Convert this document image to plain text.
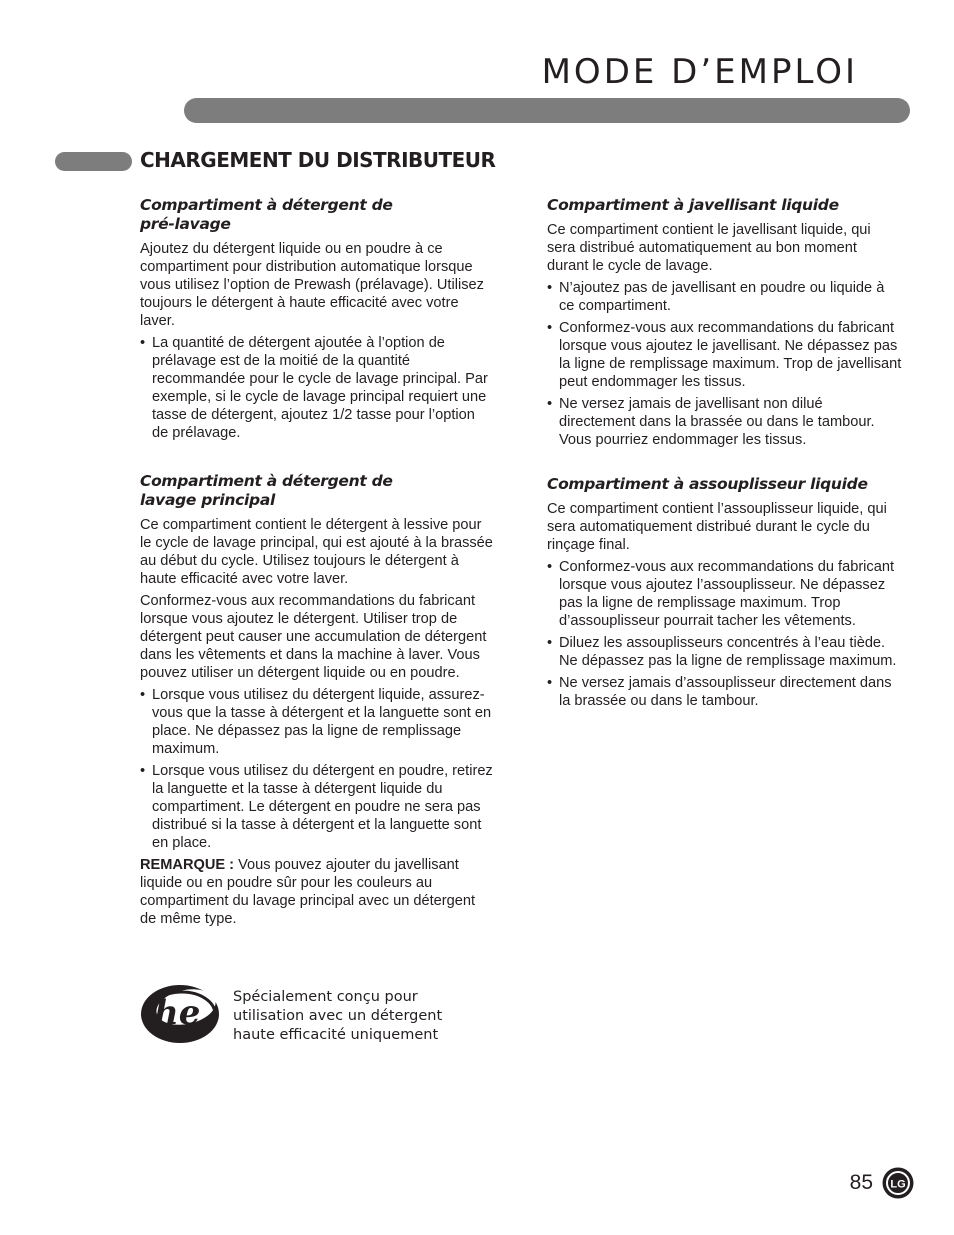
MODE D’EMPLOI
CHARGEMENT DU DISTRIBUTEUR
Compartiment à détergent de
pré-lavage

Ajoutez du détergent liquide ou en poudre à ce compartiment pour distribution automatique lorsque vous utilisez l’option de Prewash (prélavage). Utilisez toujours le détergent à haute efficacité avec votre laver.

• La quantité de détergent ajoutée à l’option de prélavage est de la moitié de la quantité recommandée pour le cycle de lavage principal. Par exemple, si le cycle de lavage principal requiert une tasse de détergent, ajoutez 1/2 tasse pour l’option de prélavage.
Compartiment à détergent de
lavage principal

Ce compartiment contient le détergent à lessive pour le cycle de lavage principal, qui est ajouté à la brassée au début du cycle. Utilisez toujours le détergent à haute efficacité avec votre laver.

Conformez-vous aux recommandations du fabricant lorsque vous ajoutez le détergent. Utiliser trop de détergent peut causer une accumulation de détergent dans les vêtements et dans la machine à laver. Vous pouvez utiliser un détergent liquide ou en poudre.

• Lorsque vous utilisez du détergent liquide, assurez-vous que la tasse à détergent et la languette sont en place. Ne dépassez pas la ligne de remplissage maximum.
• Lorsque vous utilisez du détergent en poudre, retirez la languette et la tasse à détergent liquide du compartiment. Le détergent en poudre ne sera pas distribué si la tasse à détergent et la languette sont en place.

REMARQUE : Vous pouvez ajouter du javellisant liquide ou en poudre sûr pour les couleurs au compartiment du lavage principal avec un détergent de même type.

he Spécialement conçu pour
utilisation avec un détergent
haute efficacité uniquement
Compartiment à javellisant liquide

Ce compartiment contient le javellisant liquide, qui sera distribué automatiquement au bon moment durant le cycle de lavage.

• N’ajoutez pas de javellisant en poudre ou liquide à ce compartiment.
• Conformez-vous aux recommandations du fabricant lorsque vous ajoutez le javellisant. Ne dépassez pas la ligne de remplissage maximum. Trop de javellisant peut endommager les tissus.
• Ne versez jamais de javellisant non dilué directement dans la brassée ou dans le tambour. Vous pourriez endommager les tissus.
Compartiment à assouplisseur liquide

Ce compartiment contient l’assouplisseur liquide, qui sera automatiquement distribué durant le cycle du rinçage final.

• Conformez-vous aux recommandations du fabricant lorsque vous ajoutez l’assouplisseur. Ne dépassez pas la ligne de remplissage maximum. Trop d’assouplisseur pourrait tacher les vêtements.
• Diluez les assouplisseurs concentrés à l’eau tiède. Ne dépassez pas la ligne de remplissage maximum.
• Ne versez jamais d’assouplisseur directement dans la brassée ou dans le tambour.
85 LG
